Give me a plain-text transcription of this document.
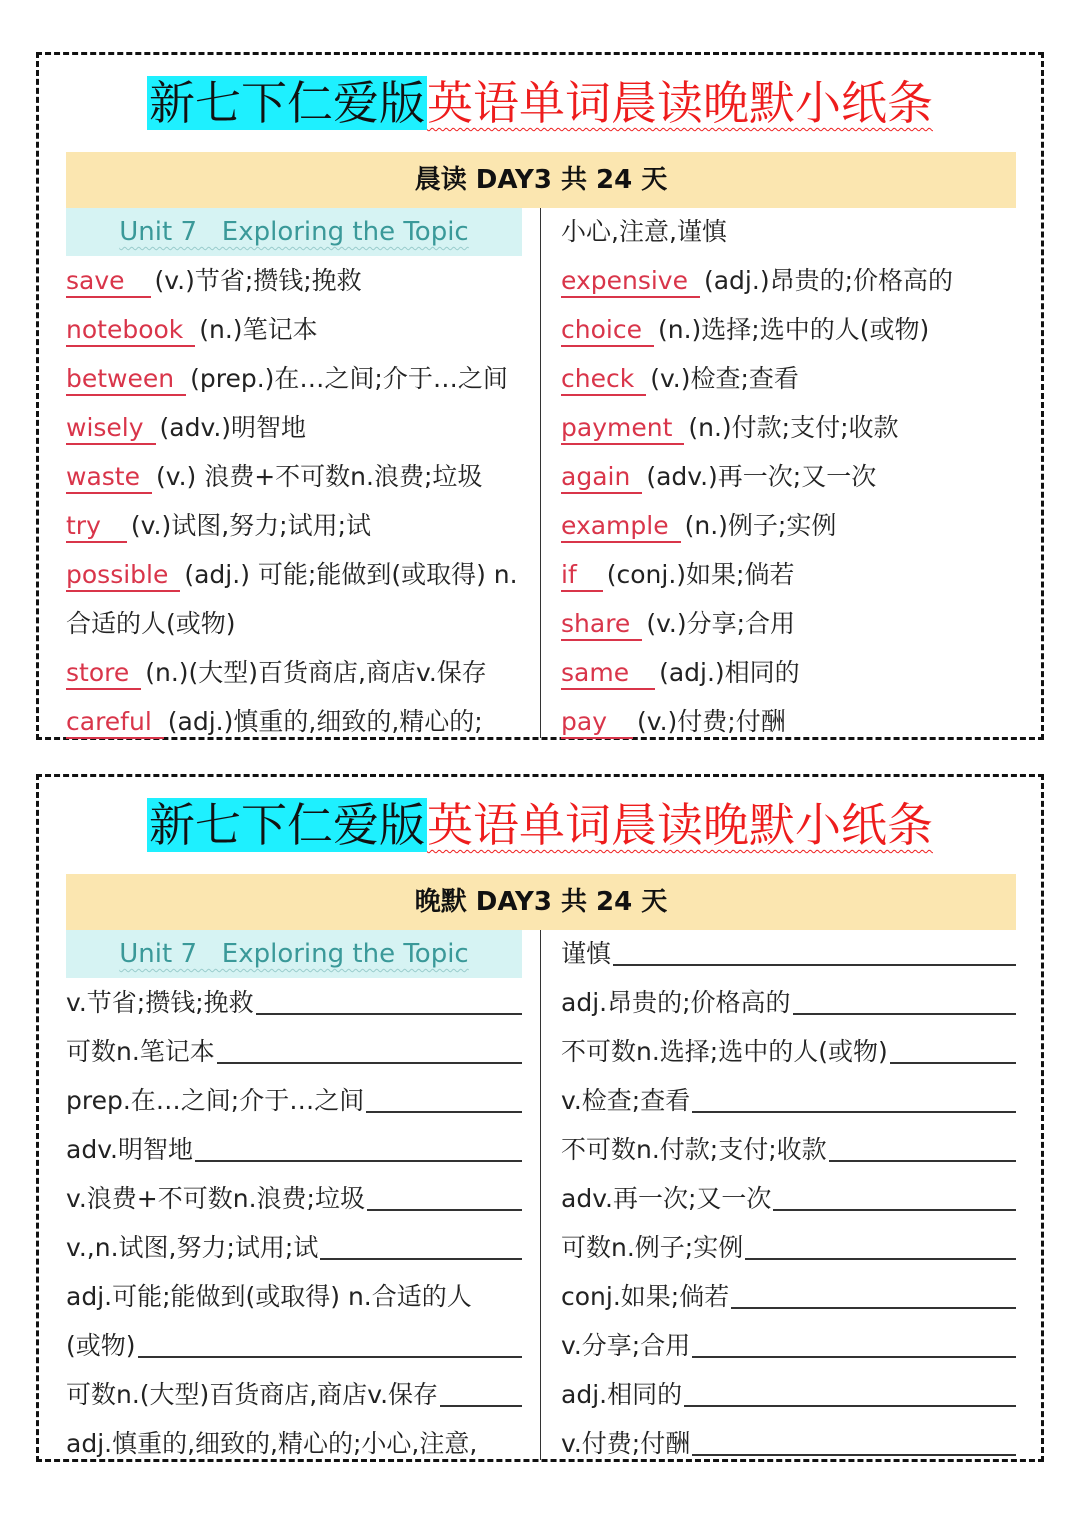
新七下仁爱版英语单词晨读晚默小纸条
晨读 DAY3 共 24 天
Unit 7   Exploring the Topic
save (v.)节省;攒钱;挽救
notebook (n.)笔记本
between (prep.)在…之间;介于…之间
wisely (adv.)明智地
waste (v.) 浪费+不可数n.浪费;垃圾
try (v.)试图,努力;试用;试
possible (adj.) 可能;能做到(或取得) n.
合适的人(或物)
store (n.)(大型)百货商店,商店v.保存
careful (adj.)慎重的,细致的,精心的;
小心,注意,谨慎
expensive (adj.)昂贵的;价格高的
choice (n.)选择;选中的人(或物)
check (v.)检查;查看
payment (n.)付款;支付;收款
again (adv.)再一次;又一次
example (n.)例子;实例
if (conj.)如果;倘若
share (v.)分享;合用
same (adj.)相同的
pay (v.)付费;付酬
新七下仁爱版英语单词晨读晚默小纸条
晚默 DAY3 共 24 天
Unit 7   Exploring the Topic
v.节省;攒钱;挽救
可数n.笔记本
prep.在…之间;介于…之间
adv.明智地
v.浪费+不可数n.浪费;垃圾
v.,n.试图,努力;试用;试
adj.可能;能做到(或取得) n.合适的人
(或物)
可数n.(大型)百货商店,商店v.保存
adj.慎重的,细致的,精心的;小心,注意,
谨慎
adj.昂贵的;价格高的
不可数n.选择;选中的人(或物)
v.检查;查看
不可数n.付款;支付;收款
adv.再一次;又一次
可数n.例子;实例
conj.如果;倘若
v.分享;合用
adj.相同的
v.付费;付酬
